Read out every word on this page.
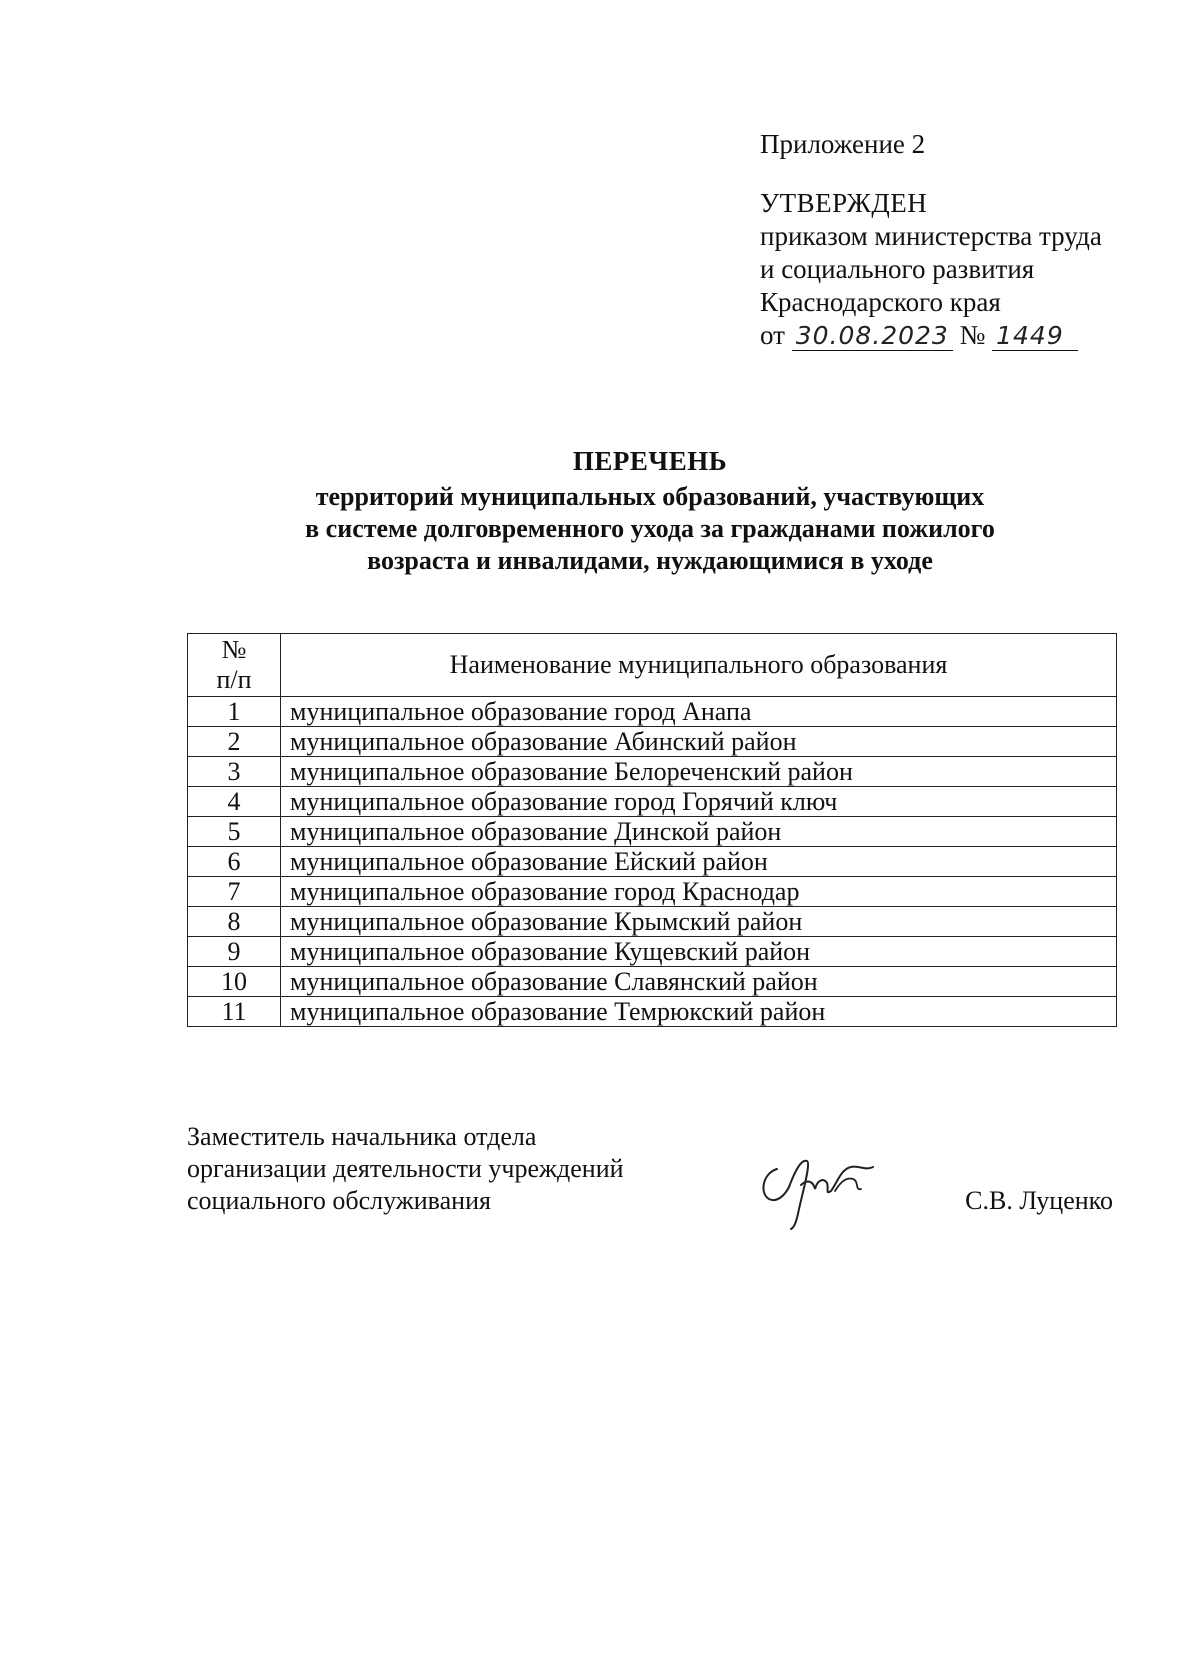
Приложение 2
УТВЕРЖДЕН
приказом министерства труда
и социального развития
Краснодарского края
от 30.08.2023 № 1449
ПЕРЕЧЕНЬ
территорий муниципальных образований, участвующих
в системе долговременного ухода за гражданами пожилого
возраста и инвалидами, нуждающимися в уходе
№
п/п	Наименование муниципального образования
1	муниципальное образование город Анапа
2	муниципальное образование Абинский район
3	муниципальное образование Белореченский район
4	муниципальное образование город Горячий ключ
5	муниципальное образование Динской район
6	муниципальное образование Ейский район
7	муниципальное образование город Краснодар
8	муниципальное образование Крымский район
9	муниципальное образование Кущевский район
10	муниципальное образование Славянский район
11	муниципальное образование Темрюкский район
Заместитель начальника отдела
организации деятельности учреждений
социального обслуживания	С.В. Луценко
